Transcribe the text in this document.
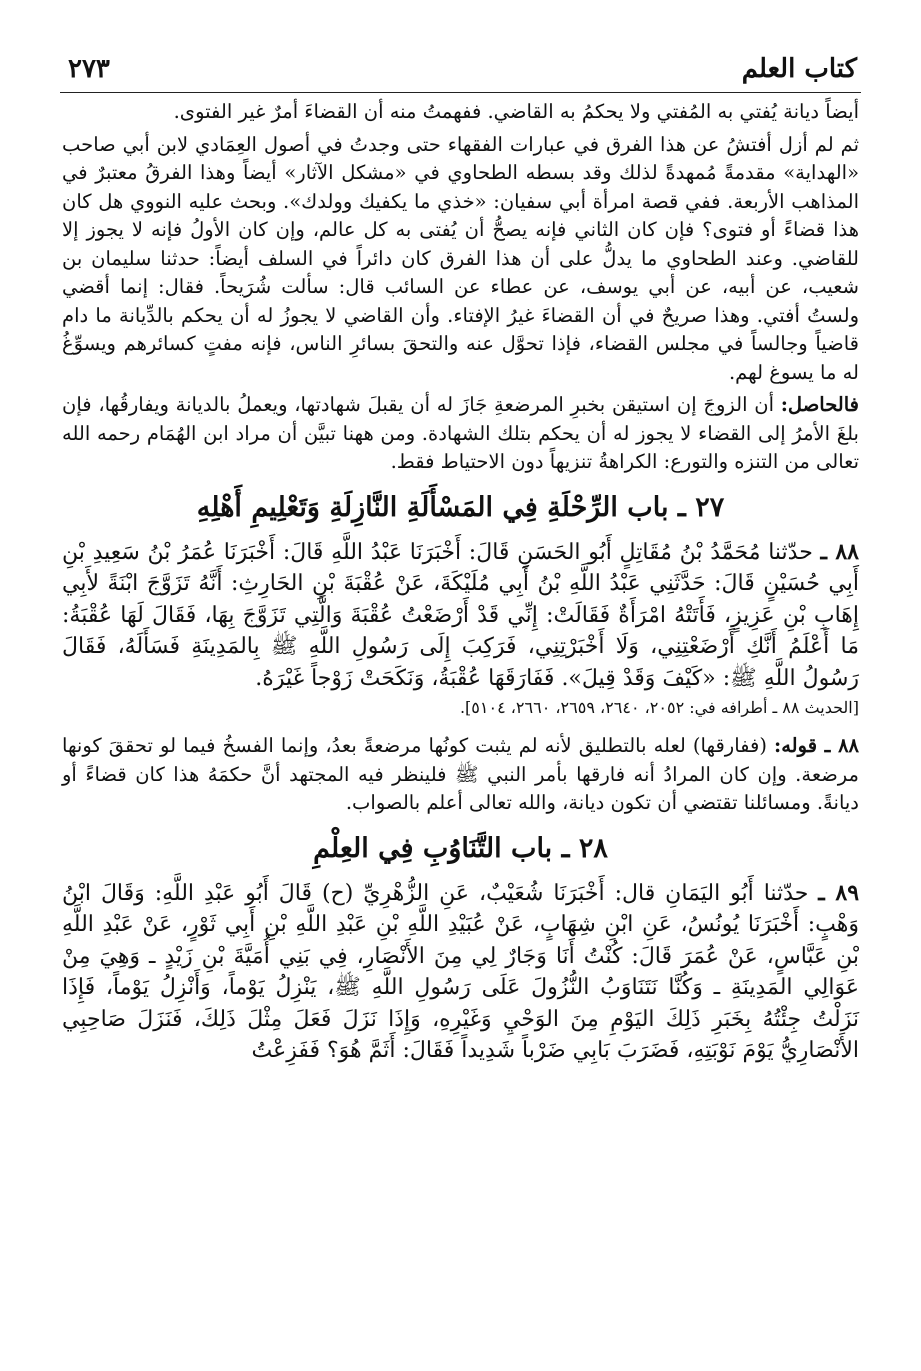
كتاب العلم
٢٧٣

أيضاً ديانة يُفتي به المُفتي ولا يحكمُ به القاضي. ففهمتُ منه أن القضاءَ أمرٌ غير الفتوى.

ثم لم أزل أفتشُ عن هذا الفرق في عبارات الفقهاء حتى وجدتُ في أصول العِمَادي لابن أبي صاحب «الهداية» مقدمةً مُمهدةً لذلك وقد بسطه الطحاوي في «مشكل الآثار» أيضاً وهذا الفرقُ معتبرٌ في المذاهب الأربعة. ففي قصة امرأة أبي سفيان: «خذي ما يكفيك وولدك». وبحث عليه النووي هل كان هذا قضاءً أو فتوى؟ فإن كان الثاني فإنه يصحُّ أن يُفتى به كل عالم، وإن كان الأولُ فإنه لا يجوز إلا للقاضي. وعند الطحاوي ما يدلُّ على أن هذا الفرق كان دائراً في السلف أيضاً: حدثنا سليمان بن شعيب، عن أبيه، عن أبي يوسف، عن عطاء عن السائب قال: سألت شُرَيحاً. فقال: إنما أقضي ولستُ أفتي. وهذا صريحٌ في أن القضاءَ غيرُ الإفتاء. وأن القاضي لا يجوزُ له أن يحكم بالدِّيانة ما دام قاضياً وجالساً في مجلس القضاء، فإذا تحوَّل عنه والتحقَ بسائرِ الناس، فإنه مفتٍ كسائرهم ويسوِّغُ له ما يسوغ لهم.

فالحاصل: أن الزوجَ إن استيقن بخبرِ المرضعةِ جَازَ له أن يقبلَ شهادتها، ويعملُ بالديانة ويفارقُها، فإن بلغَ الأمرُ إلى القضاء لا يجوز له أن يحكم بتلك الشهادة. ومن ههنا تبيَّن أن مراد ابن الهُمَام رحمه الله تعالى من التنزه والتورع: الكراهةُ تنزيهاً دون الاحتياط فقط.

٢٧ ـ باب الرِّحْلَةِ فِي المَسْأَلَةِ النَّازِلَةِ وَتَعْلِيمِ أَهْلِهِ

٨٨ ـ حدّثنا مُحَمَّدُ بْنُ مُقَاتِلٍ أَبُو الحَسَنِ قَالَ: أَخْبَرَنَا عَبْدُ اللَّهِ قَالَ: أَخْبَرَنَا عُمَرُ بْنُ سَعِيدِ بْنِ أَبِي حُسَيْنٍ قَالَ: حَدَّثَنِي عَبْدُ اللَّهِ بْنُ أَبِي مُلَيْكَةَ، عَنْ عُقْبَةَ بْنِ الحَارِثِ: أَنَّهُ تَزَوَّجَ ابْنَةً لأَبِي إِهَابِ بْنِ عَزِيزٍ، فَأَتَتْهُ امْرَأَةٌ فَقَالَتْ: إِنِّي قَدْ أَرْضَعْتُ عُقْبَةَ وَالَّتِي تَزَوَّجَ بِهَا، فَقَالَ لَهَا عُقْبَةُ: مَا أَعْلَمُ أَنَّكِ أَرْضَعْتِنِي، وَلَا أَخْبَرْتِنِي، فَرَكِبَ إِلَى رَسُولِ اللَّهِ ﷺ بِالمَدِينَةِ فَسَأَلَهُ، فَقَالَ رَسُولُ اللَّهِ ﷺ: «كَيْفَ وَقَدْ قِيلَ». فَفَارَقَهَا عُقْبَةُ، وَنَكَحَتْ زَوْجاً غَيْرَهُ.

[الحديث ٨٨ ـ أطرافه في: ٢٠٥٢، ٢٦٤٠، ٢٦٥٩، ٢٦٦٠، ٥١٠٤].

٨٨ ـ قوله: (ففارقها) لعله بالتطليق لأنه لم يثبت كونُها مرضعةً بعدُ، وإنما الفسخُ فيما لو تحققَ كونها مرضعة. وإن كان المرادُ أنه فارقها بأمر النبي ﷺ فلينظر فيه المجتهد أنَّ حكمَهُ هذا كان قضاءً أو ديانةً. ومسائلنا تقتضي أن تكون ديانة، والله تعالى أعلم بالصواب.

٢٨ ـ باب التَّنَاوُبِ فِي العِلْمِ

٨٩ ـ حدّثنا أَبُو اليَمَانِ قال: أَخْبَرَنَا شُعَيْبٌ، عَنِ الزُّهْرِيِّ (ح) قَالَ أَبُو عَبْدِ اللَّهِ: وَقَالَ ابْنُ وَهْبٍ: أَخْبَرَنَا يُونُسُ، عَنِ ابْنِ شِهَابٍ، عَنْ عُبَيْدِ اللَّهِ بْنِ عَبْدِ اللَّهِ بْنِ أَبِي ثَوْرٍ، عَنْ عَبْدِ اللَّهِ بْنِ عَبَّاسٍ، عَنْ عُمَرَ قَالَ: كُنْتُ أَنَا وَجَارٌ لِي مِنَ الأَنْصَارِ، فِي بَنِي أُمَيَّةَ بْنِ زَيْدٍ ـ وَهِيَ مِنْ عَوَالِي المَدِينَةِ ـ وَكُنَّا نَتَنَاوَبُ النُّزُولَ عَلَى رَسُولِ اللَّهِ ﷺ، يَنْزِلُ يَوْماً، وَأَنْزِلُ يَوْماً، فَإِذَا نَزَلْتُ جِئْتُهُ بِخَبَرِ ذَلِكَ اليَوْمِ مِنَ الوَحْيِ وَغَيْرِهِ، وَإِذَا نَزَلَ فَعَلَ مِثْلَ ذَلِكَ، فَنَزَلَ صَاحِبِي الأَنْصَارِيُّ يَوْمَ نَوْبَتِهِ، فَضَرَبَ بَابِي ضَرْباً شَدِيداً فَقَالَ: أَثَمَّ هُوَ؟ فَفَزِعْتُ
